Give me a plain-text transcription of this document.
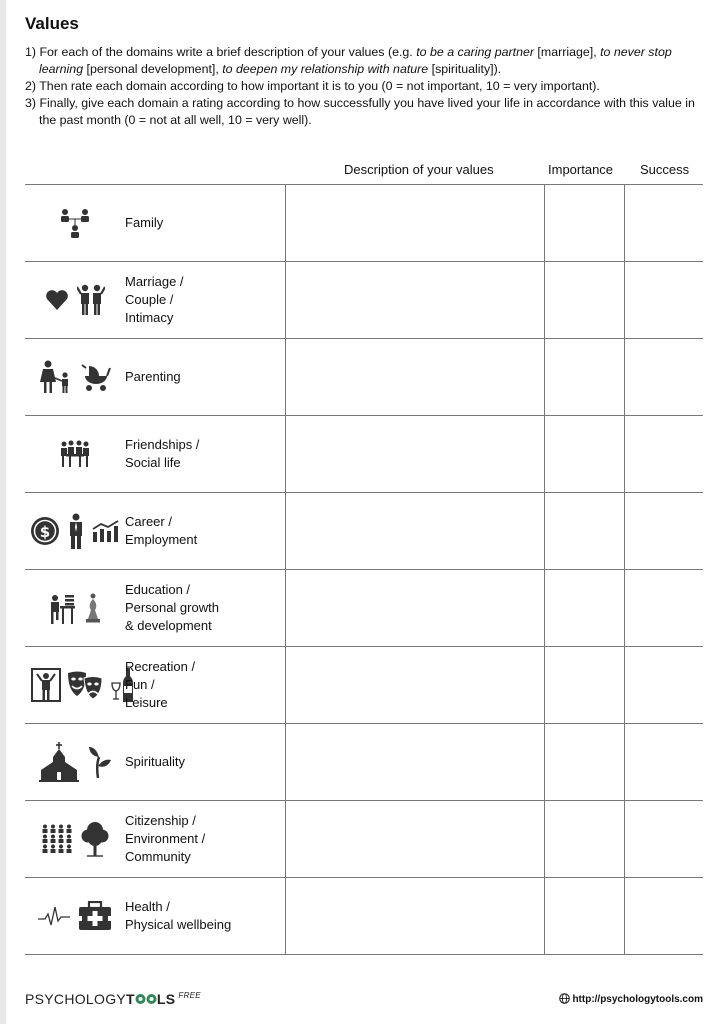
Values

1) For each of the domains write a brief description of your values (e.g. to be a caring partner [marriage], to never stop learning [personal development], to deepen my relationship with nature [spirituality]).

2) Then rate each domain according to how important it is to you (0 = not important, 10 = very important).

3) Finally, give each domain a rating according to how successfully you have lived your life in accordance with this value in the past month (0 = not at all well, 10 = very well).

Description of your values	Importance Success

Family			

Marriage /
Couple /
Intimacy			

Parenting			

Friendships /
Social life			

$	Career /
Employment			

Education /
Personal growth
& development			

Recreation /
Fun /
Leisure			

Spirituality			

Citizenship /
Environment /
Community			

Health /
Physical wellbeing			

PSYCHOLOGYT LS $^{FREE}$	http://psychologytools.com
